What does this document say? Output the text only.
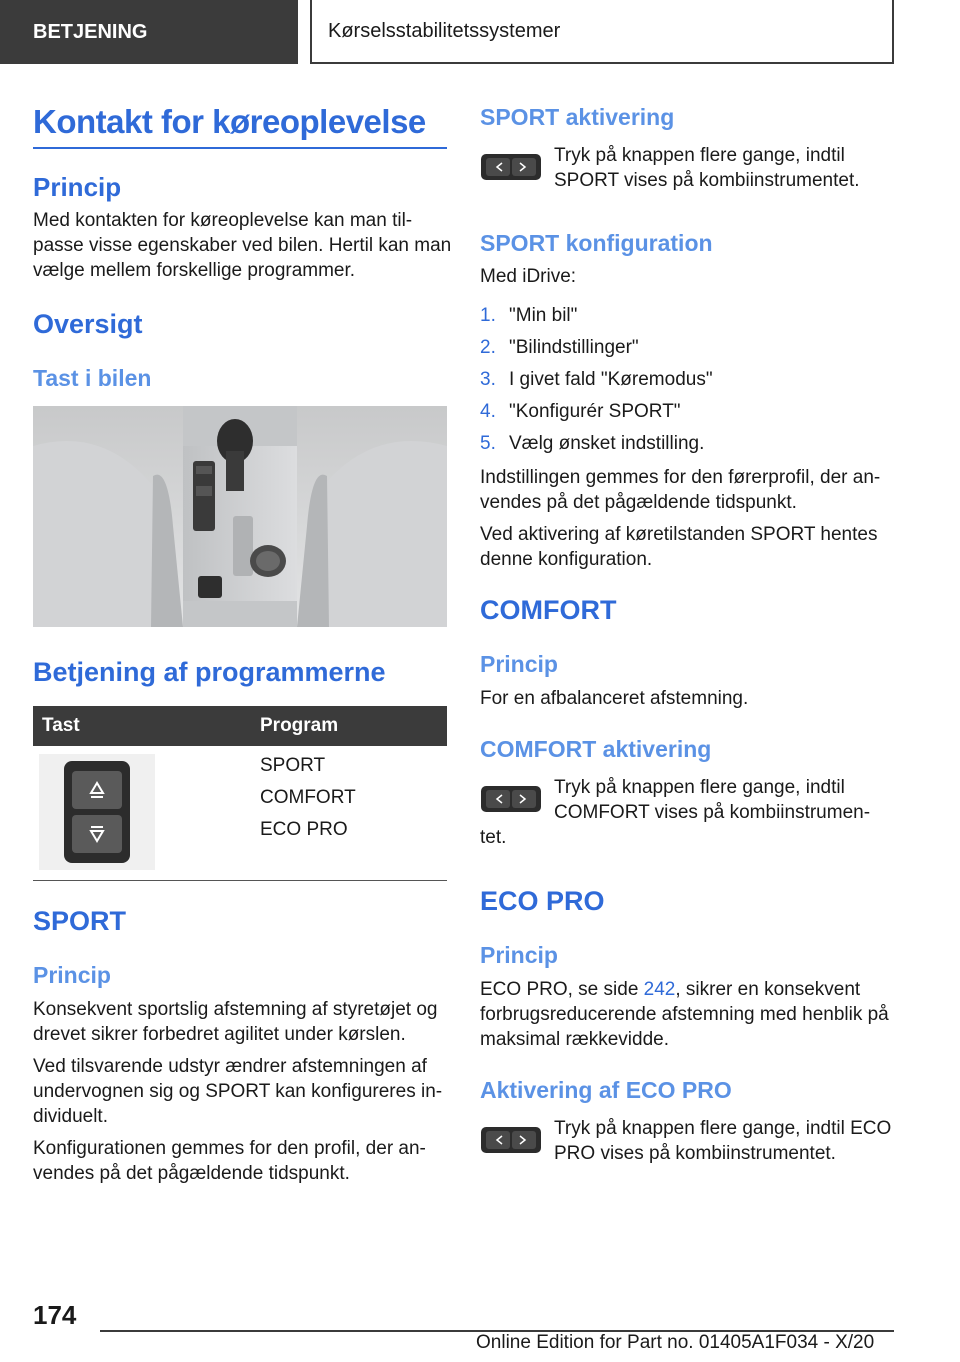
BETJENING	Kørselsstabilitetssystemer
Kontakt for køreoplevelse
Princip
Med kontakten for køreoplevelse kan man til-
passe visse egenskaber ved bilen. Hertil kan man
vælge mellem forskellige programmer.
Oversigt
Tast i bilen
Betjening af programmerne
Tast	Program
SPORT
COMFORT
ECO PRO
SPORT
Princip
Konsekvent sportslig afstemning af styretøjet og
drevet sikrer forbedret agilitet under kørslen.
Ved tilsvarende udstyr ændrer afstemningen af
undervognen sig og SPORT kan konfigureres in-
dividuelt.
Konfigurationen gemmes for den profil, der an-
vendes på det pågældende tidspunkt.
SPORT aktivering
Tryk på knappen flere gange, indtil
SPORT vises på kombiinstrumentet.
SPORT konfiguration
Med iDrive:
1. "Min bil"
2. "Bilindstillinger"
3. I givet fald "Køremodus"
4. "Konfigurér SPORT"
5. Vælg ønsket indstilling.
Indstillingen gemmes for den førerprofil, der an-
vendes på det pågældende tidspunkt.
Ved aktivering af køretilstanden SPORT hentes
denne konfiguration.
COMFORT
Princip
For en afbalanceret afstemning.
COMFORT aktivering
Tryk på knappen flere gange, indtil
COMFORT vises på kombiinstrumen-
tet.
ECO PRO
Princip
ECO PRO, se side 242, sikrer en konsekvent
forbrugsreducerende afstemning med henblik på
maksimal rækkevidde.
Aktivering af ECO PRO
Tryk på knappen flere gange, indtil ECO
PRO vises på kombiinstrumentet.
174
Online Edition for Part no. 01405A1F034 - X/20
